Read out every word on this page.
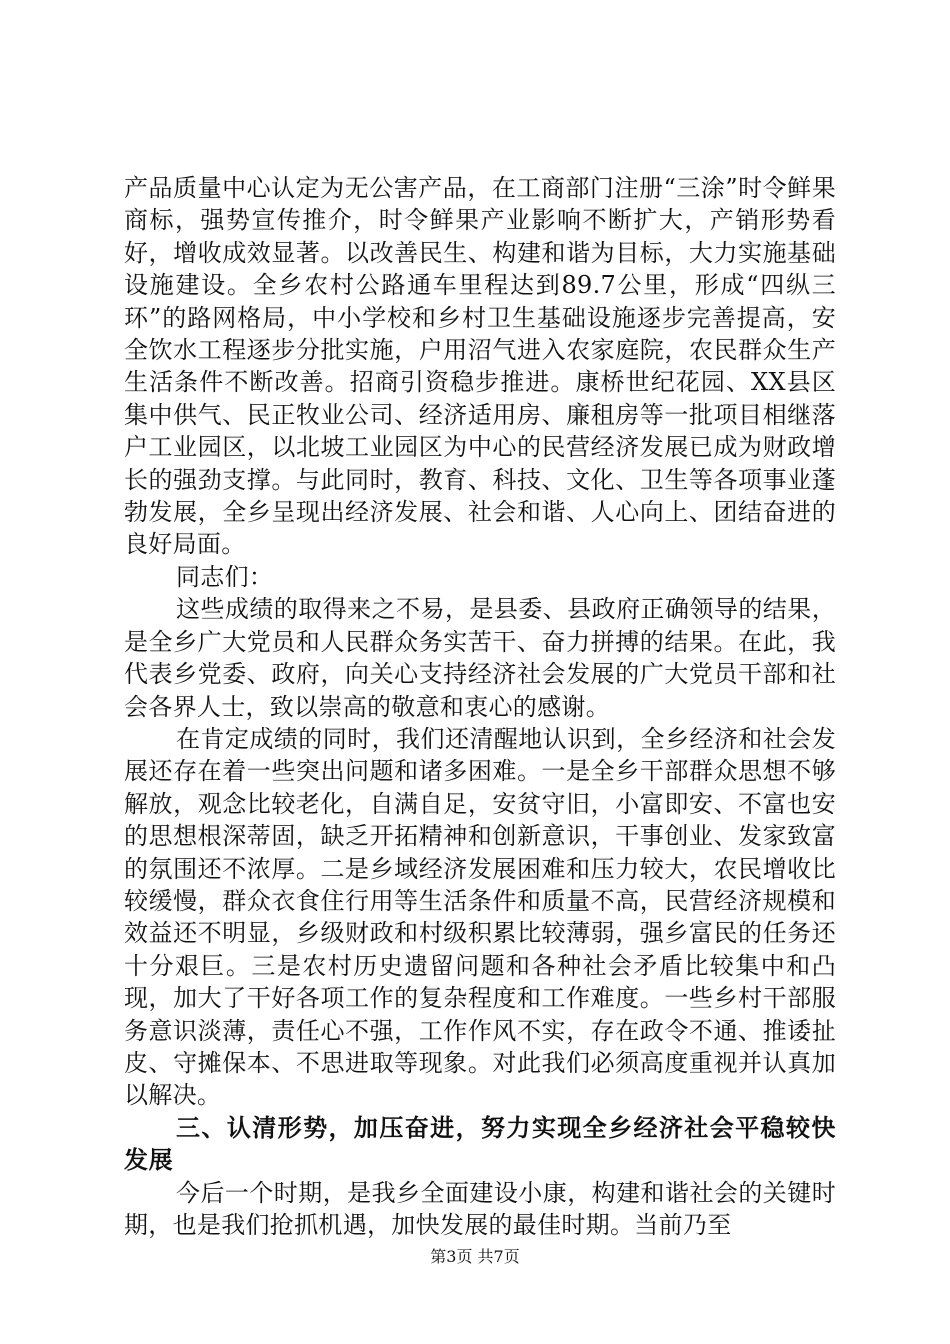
产品质量中心认定为无公害产品，在工商部门注册“三涂”时令鲜果商标，强势宣传推介，时令鲜果产业影响不断扩大，产销形势看好，增收成效显著。以改善民生、构建和谐为目标，大力实施基础设施建设。全乡农村公路通车里程达到89.7公里，形成“四纵三环”的路网格局，中小学校和乡村卫生基础设施逐步完善提高，安全饮水工程逐步分批实施，户用沼气进入农家庭院，农民群众生产生活条件不断改善。招商引资稳步推进。康桥世纪花园、XX县区集中供气、民正牧业公司、经济适用房、廉租房等一批项目相继落户工业园区，以北坡工业园区为中心的民营经济发展已成为财政增长的强劲支撑。与此同时，教育、科技、文化、卫生等各项事业蓬勃发展，全乡呈现出经济发展、社会和谐、人心向上、团结奋进的良好局面。

同志们：

这些成绩的取得来之不易，是县委、县政府正确领导的结果，是全乡广大党员和人民群众务实苦干、奋力拼搏的结果。在此，我代表乡党委、政府，向关心支持经济社会发展的广大党员干部和社会各界人士，致以崇高的敬意和衷心的感谢。

在肯定成绩的同时，我们还清醒地认识到，全乡经济和社会发展还存在着一些突出问题和诸多困难。一是全乡干部群众思想不够解放，观念比较老化，自满自足，安贫守旧，小富即安、不富也安的思想根深蒂固，缺乏开拓精神和创新意识，干事创业、发家致富的氛围还不浓厚。二是乡域经济发展困难和压力较大，农民增收比较缓慢，群众衣食住行用等生活条件和质量不高，民营经济规模和效益还不明显，乡级财政和村级积累比较薄弱，强乡富民的任务还十分艰巨。三是农村历史遗留问题和各种社会矛盾比较集中和凸现，加大了干好各项工作的复杂程度和工作难度。一些乡村干部服务意识淡薄，责任心不强，工作作风不实，存在政令不通、推诿扯皮、守摊保本、不思进取等现象。对此我们必须高度重视并认真加以解决。

三、认清形势，加压奋进，努力实现全乡经济社会平稳较快发展

今后一个时期，是我乡全面建设小康，构建和谐社会的关键时期，也是我们抢抓机遇，加快发展的最佳时期。当前乃至

第3页 共7页
